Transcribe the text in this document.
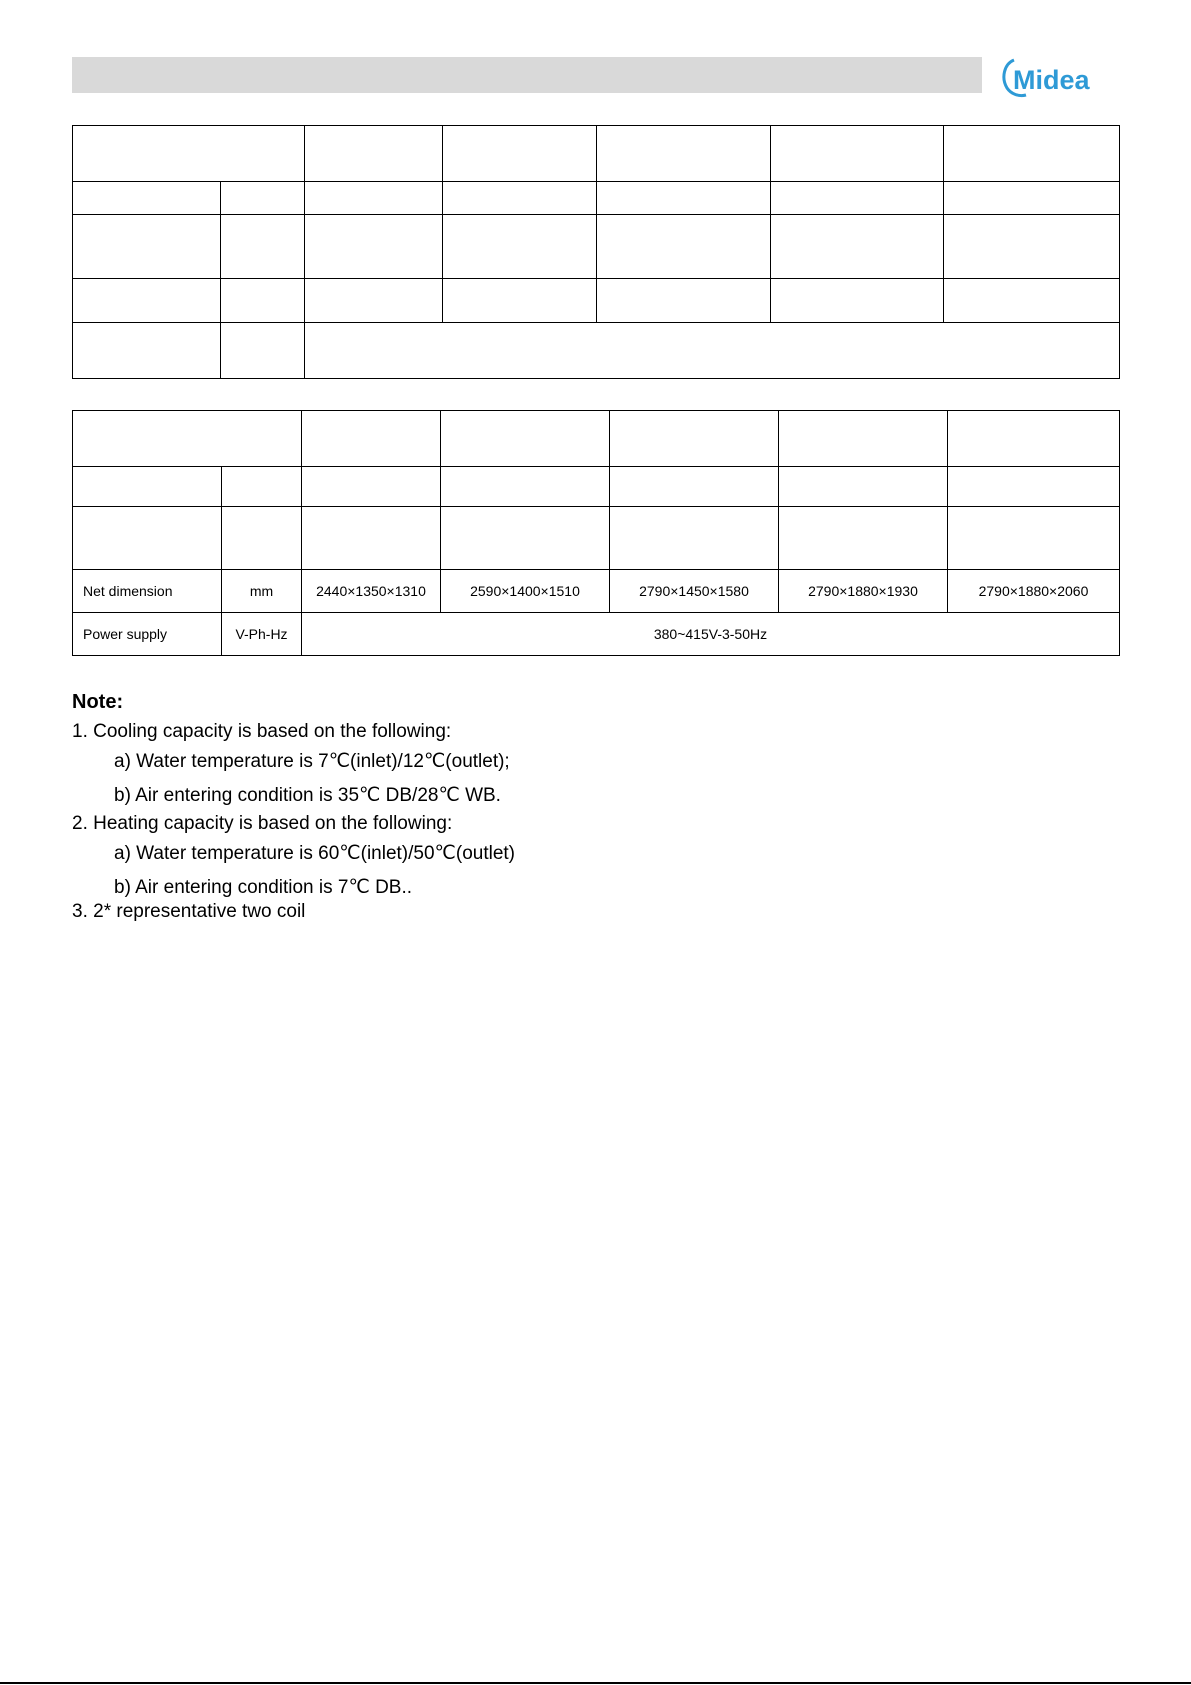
Midea

Net dimension	mm	2440×1350×1310	2590×1400×1510	2790×1450×1580	2790×1880×1930	2790×1880×2060
Power supply	V-Ph-Hz	380~415V-3-50Hz				
Note:
1. Cooling capacity is based on the following:
a) Water temperature is 7℃(inlet)/12℃(outlet);
b) Air entering condition is 35℃ DB/28℃ WB.
2. Heating capacity is based on the following:
a) Water temperature is 60℃(inlet)/50℃(outlet)
b) Air entering condition is 7℃ DB..
3. 2* representative two coil
